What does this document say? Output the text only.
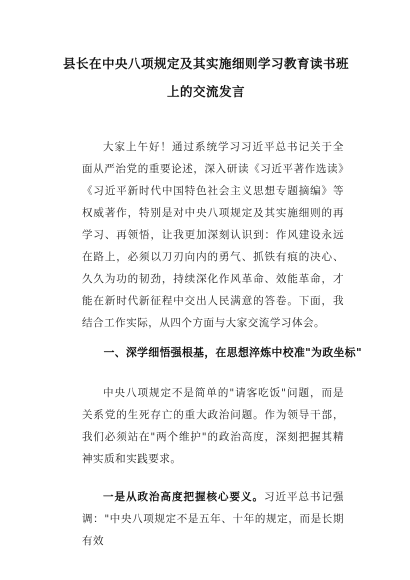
县长在中央八项规定及其实施细则学习教育读书班上的交流发言

大家上午好！通过系统学习习近平总书记关于全面从严治党的重要论述，深入研读《习近平著作选读》《习近平新时代中国特色社会主义思想专题摘编》等权威著作，特别是对中央八项规定及其实施细则的再学习、再领悟，让我更加深刻认识到：作风建设永远在路上，必须以刀刃向内的勇气、抓铁有痕的决心、久久为功的韧劲，持续深化作风革命、效能革命，才能在新时代新征程中交出人民满意的答卷。下面，我结合工作实际，从四个方面与大家交流学习体会。

一、深学细悟强根基，在思想淬炼中校准"为政坐标"

中央八项规定不是简单的"请客吃饭"问题，而是关系党的生死存亡的重大政治问题。作为领导干部，我们必须站在"两个维护"的政治高度，深刻把握其精神实质和实践要求。

一是从政治高度把握核心要义。习近平总书记强调："中央八项规定不是五年、十年的规定，而是长期有效
